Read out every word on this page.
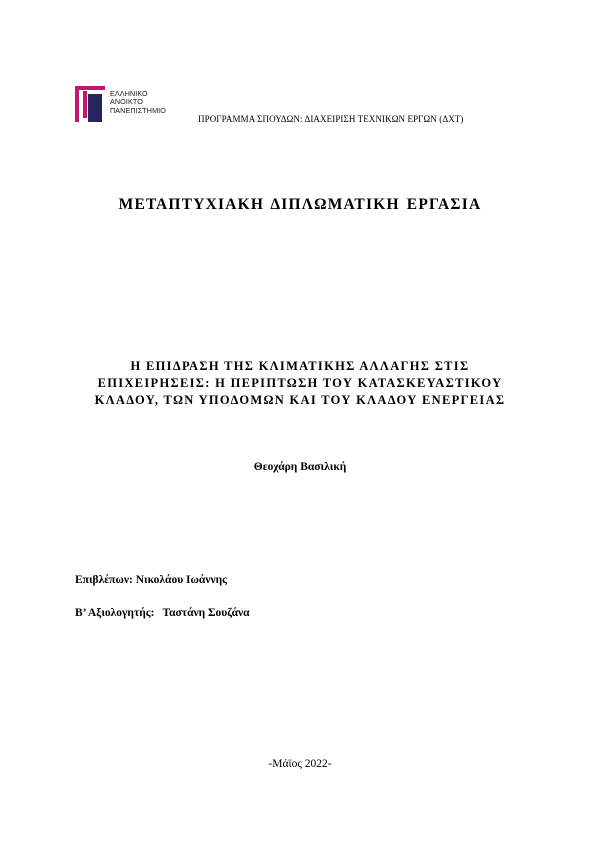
ΕΛΛΗΝΙΚΟ
ΑΝΟΙΚΤΟ
ΠΑΝΕΠΙΣΤΗΜΙΟ
ΠΡΟΓΡΑΜΜΑ ΣΠΟΥΔΩΝ: ΔΙΑΧΕΙΡΙΣΗ ΤΕΧΝΙΚΩΝ ΕΡΓΩΝ (ΔΧΤ)
ΜΕΤΑΠΤΥΧΙΑΚΗ ΔΙΠΛΩΜΑΤΙΚΗ ΕΡΓΑΣΙΑ
Η ΕΠΙΔΡΑΣΗ ΤΗΣ ΚΛΙΜΑΤΙΚΗΣ ΑΛΛΑΓΗΣ ΣΤΙΣ
ΕΠΙΧΕΙΡΗΣΕΙΣ: Η ΠΕΡΙΠΤΩΣΗ ΤΟΥ ΚΑΤΑΣΚΕΥΑΣΤΙΚΟΥ
ΚΛΑΔΟΥ, ΤΩΝ ΥΠΟΔΟΜΩΝ ΚΑΙ ΤΟΥ ΚΛΑΔΟΥ ΕΝΕΡΓΕΙΑΣ
Θεοχάρη Βασιλική
Επιβλέπων: Νικολάου Ιωάννης
Β’ Αξιολογητής: Ταστάνη Σουζάνα
-Μάϊος 2022-
